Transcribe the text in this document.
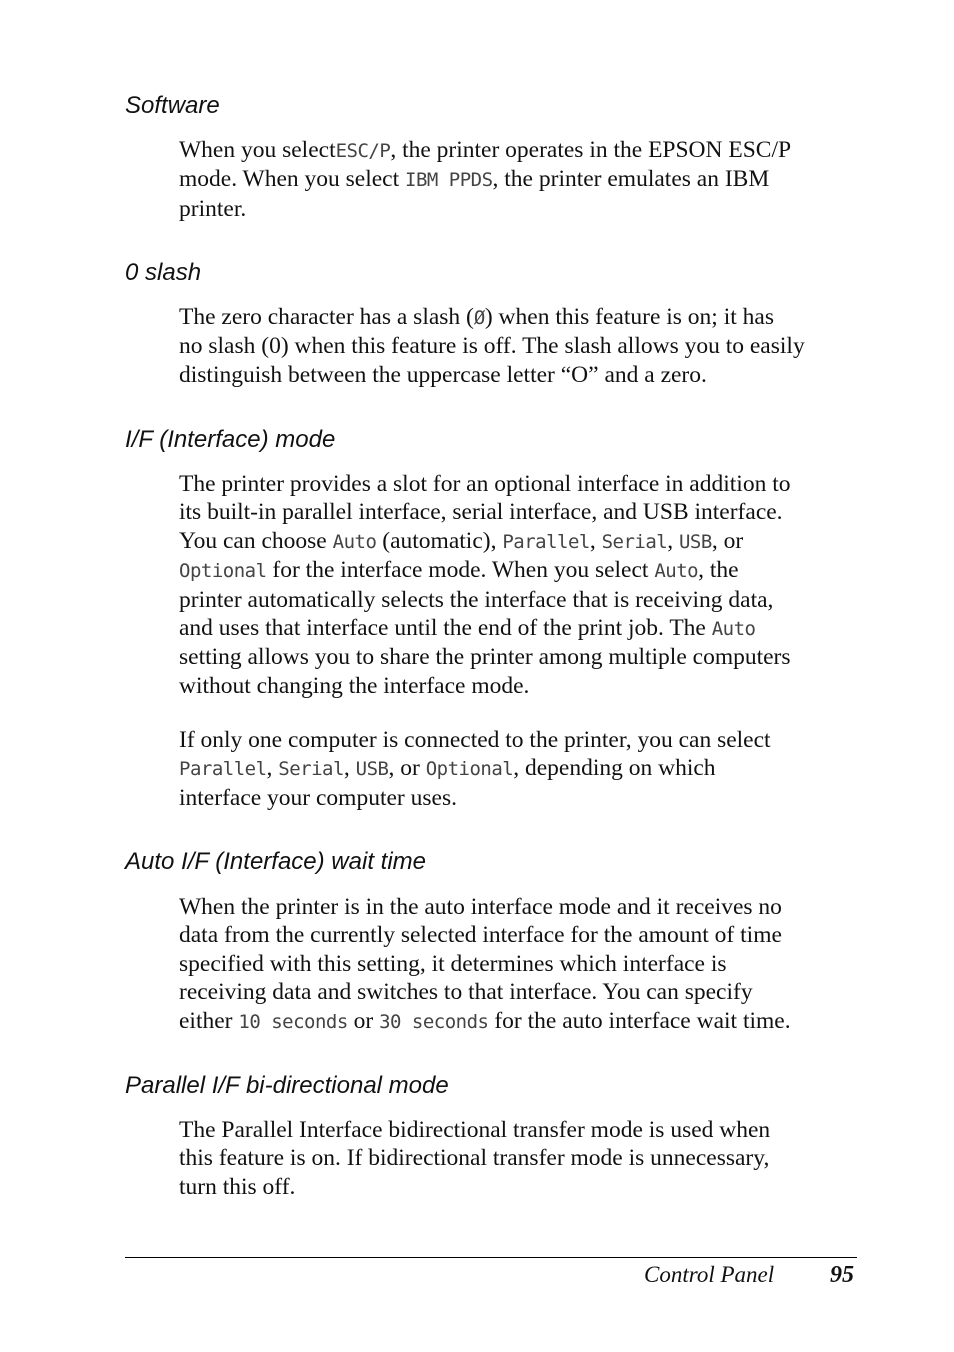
Software

When you selectESC/P, the printer operates in the EPSON ESC/P
mode. When you select IBM PPDS, the printer emulates an IBM
printer.

0 slash

The zero character has a slash (Ø) when this feature is on; it has
no slash (0) when this feature is off. The slash allows you to easily
distinguish between the uppercase letter “O” and a zero.

I/F (Interface) mode

The printer provides a slot for an optional interface in addition to
its built-in parallel interface, serial interface, and USB interface.
You can choose Auto (automatic), Parallel, Serial, USB, or
Optional for the interface mode. When you select Auto, the
printer automatically selects the interface that is receiving data,
and uses that interface until the end of the print job. The Auto
setting allows you to share the printer among multiple computers
without changing the interface mode.

If only one computer is connected to the printer, you can select
Parallel, Serial, USB, or Optional, depending on which
interface your computer uses.

Auto I/F (Interface) wait time

When the printer is in the auto interface mode and it receives no
data from the currently selected interface for the amount of time
specified with this setting, it determines which interface is
receiving data and switches to that interface. You can specify
either 10 seconds or 30 seconds for the auto interface wait time.

Parallel I/F bi-directional mode

The Parallel Interface bidirectional transfer mode is used when
this feature is on. If bidirectional transfer mode is unnecessary,
turn this off.

Control Panel 95
